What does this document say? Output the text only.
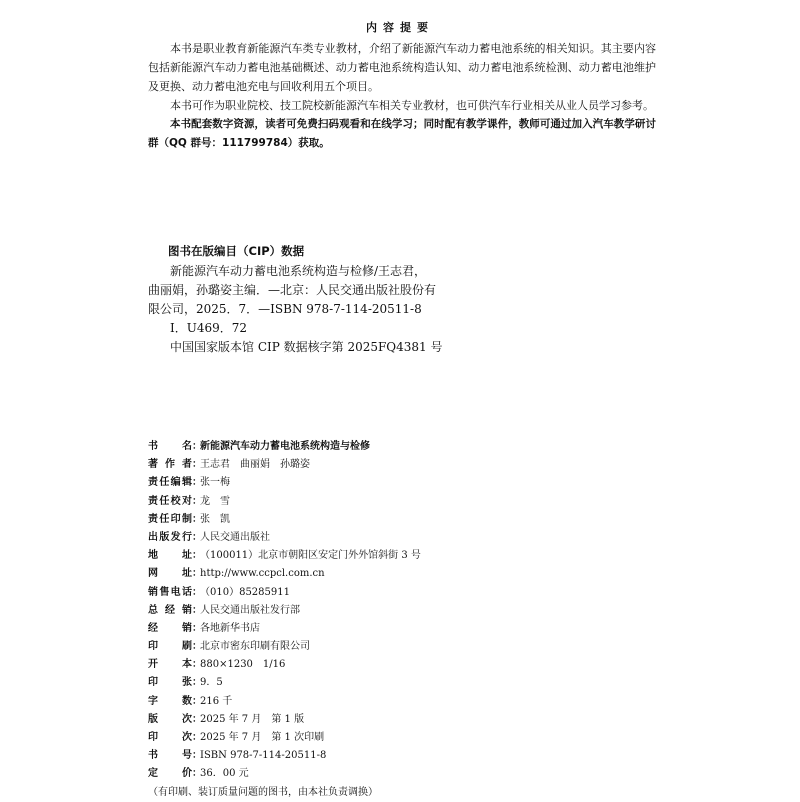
内容提要

本书是职业教育新能源汽车类专业教材，介绍了新能源汽车动力蓄电池系统的相关知识。其主要内容包括新能源汽车动力蓄电池基础概述、动力蓄电池系统构造认知、动力蓄电池系统检测、动力蓄电池维护及更换、动力蓄电池充电与回收利用五个项目。

本书可作为职业院校、技工院校新能源汽车相关专业教材，也可供汽车行业相关从业人员学习参考。

本书配套数字资源，读者可免费扫码观看和在线学习；同时配有教学课件，教师可通过加入汽车教学研讨群（QQ 群号：111799784）获取。

图书在版编目（CIP）数据
新能源汽车动力蓄电池系统构造与检修/王志君，
曲丽娟，孙璐姿主编．—北京：人民交通出版社股份有
限公司，2025．7．—ISBN 978-7-114-20511-8
Ⅰ．U469．72
中国国家版本馆 CIP 数据核字第 2025FQ4381 号
书 名 ：
新能源汽车动力蓄电池系统构造与检修
著 作 者 ：
王志君　曲丽娟　孙璐姿
责 任 编 辑 ：
张一梅
责 任 校 对 ：
龙　雪
责 任 印 制 ：
张　凯
出 版 发 行 ：
人民交通出版社
地 址 ：
（100011）北京市朝阳区安定门外外馆斜街 3 号
网 址 ：
http://www.ccpcl.com.cn
销 售 电 话 ：
（010）85285911
总 经 销 ：
人民交通出版社发行部
经 销 ：
各地新华书店
印 刷 ：
北京市密东印刷有限公司
开 本 ：
880×1230　1/16
印 张 ：
9．5
字 数 ：
216 千
版 次 ：
2025 年 7 月　第 1 版
印 次 ：
2025 年 7 月　第 1 次印刷
书 号 ：
ISBN 978-7-114-20511-8
定 价 ：
36．00 元
（有印刷、装订质量问题的图书，由本社负责调换）
